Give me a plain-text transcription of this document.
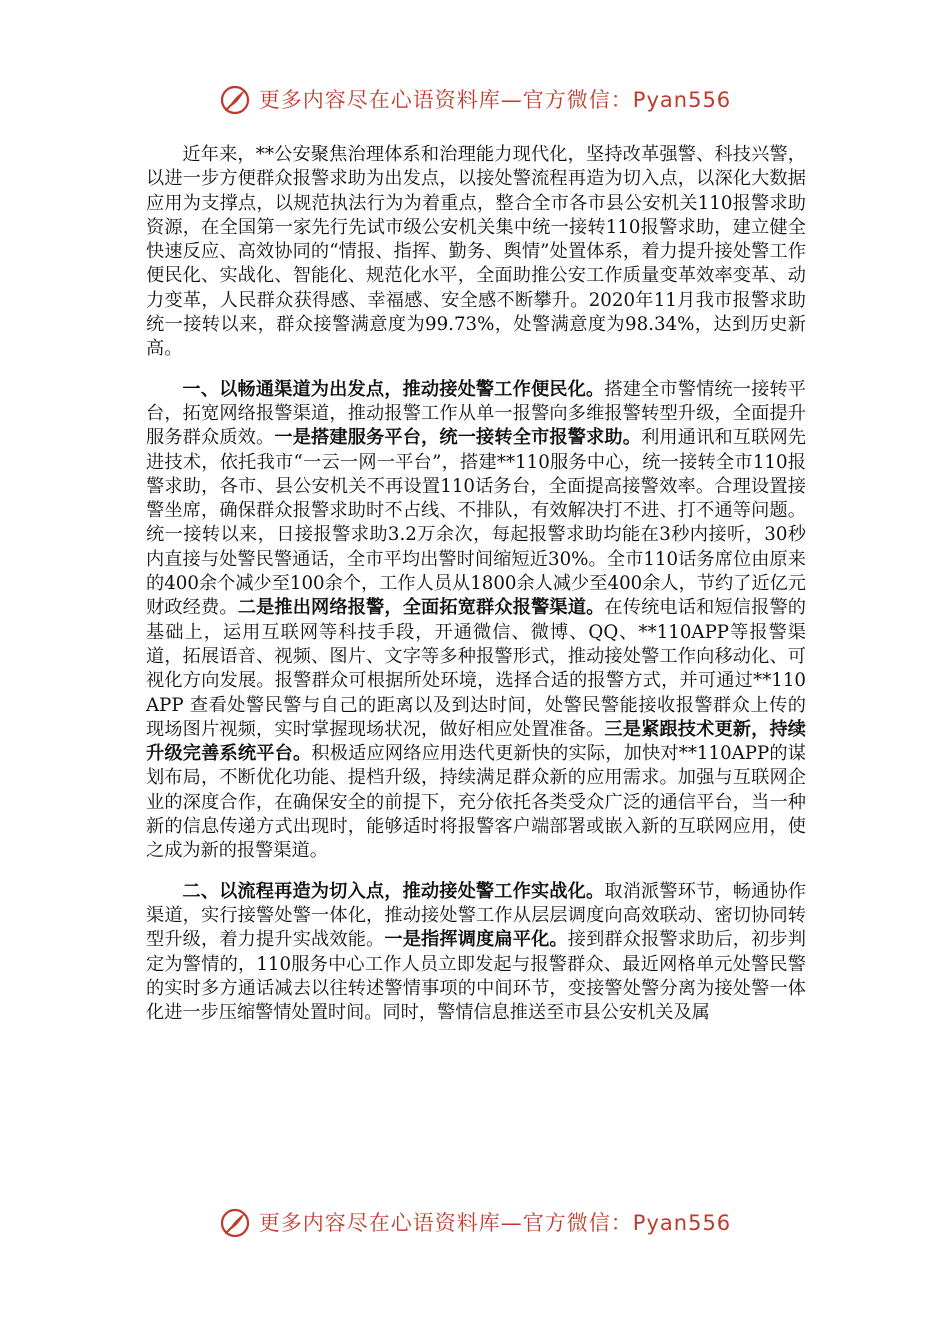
更多内容尽在心语资料库—官方微信：Pyan556

近年来，**公安聚焦治理体系和治理能力现代化，坚持改革强警、科技兴警，以进一步方便群众报警求助为出发点，以接处警流程再造为切入点，以深化大数据应用为支撑点，以规范执法行为为着重点，整合全市各市县公安机关110报警求助资源，在全国第一家先行先试市级公安机关集中统一接转110报警求助，建立健全快速反应、高效协同的“情报、指挥、勤务、舆情”处置体系，着力提升接处警工作便民化、实战化、智能化、规范化水平，全面助推公安工作质量变革效率变革、动力变革，人民群众获得感、幸福感、安全感不断攀升。2020年11月我市报警求助统一接转以来，群众接警满意度为99.73%，处警满意度为98.34%，达到历史新高。

一、以畅通渠道为出发点，推动接处警工作便民化。搭建全市警情统一接转平台，拓宽网络报警渠道，推动报警工作从单一报警向多维报警转型升级，全面提升服务群众质效。一是搭建服务平台，统一接转全市报警求助。利用通讯和互联网先进技术，依托我市“一云一网一平台”，搭建**110服务中心，统一接转全市110报警求助，各市、县公安机关不再设置110话务台，全面提高接警效率。合理设置接警坐席，确保群众报警求助时不占线、不排队，有效解决打不进、打不通等问题。统一接转以来，日接报警求助3.2万余次，每起报警求助均能在3秒内接听，30秒内直接与处警民警通话，全市平均出警时间缩短近30%。全市110话务席位由原来的400余个减少至100余个，工作人员从1800余人减少至400余人，节约了近亿元财政经费。二是推出网络报警，全面拓宽群众报警渠道。在传统电话和短信报警的基础上，运用互联网等科技手段，开通微信、微博、QQ、**110APP等报警渠道，拓展语音、视频、图片、文字等多种报警形式，推动接处警工作向移动化、可视化方向发展。报警群众可根据所处环境，选择合适的报警方式，并可通过**110 APP 查看处警民警与自己的距离以及到达时间，处警民警能接收报警群众上传的现场图片视频，实时掌握现场状况，做好相应处置准备。三是紧跟技术更新，持续升级完善系统平台。积极适应网络应用迭代更新快的实际，加快对**110APP的谋划布局，不断优化功能、提档升级，持续满足群众新的应用需求。加强与互联网企业的深度合作，在确保安全的前提下，充分依托各类受众广泛的通信平台，当一种新的信息传递方式出现时，能够适时将报警客户端部署或嵌入新的互联网应用，使之成为新的报警渠道。

二、以流程再造为切入点，推动接处警工作实战化。取消派警环节，畅通协作渠道，实行接警处警一体化，推动接处警工作从层层调度向高效联动、密切协同转型升级，着力提升实战效能。一是指挥调度扁平化。接到群众报警求助后，初步判定为警情的，110服务中心工作人员立即发起与报警群众、最近网格单元处警民警的实时多方通话减去以往转述警情事项的中间环节，变接警处警分离为接处警一体化进一步压缩警情处置时间。同时，警情信息推送至市县公安机关及属

更多内容尽在心语资料库—官方微信：Pyan556
